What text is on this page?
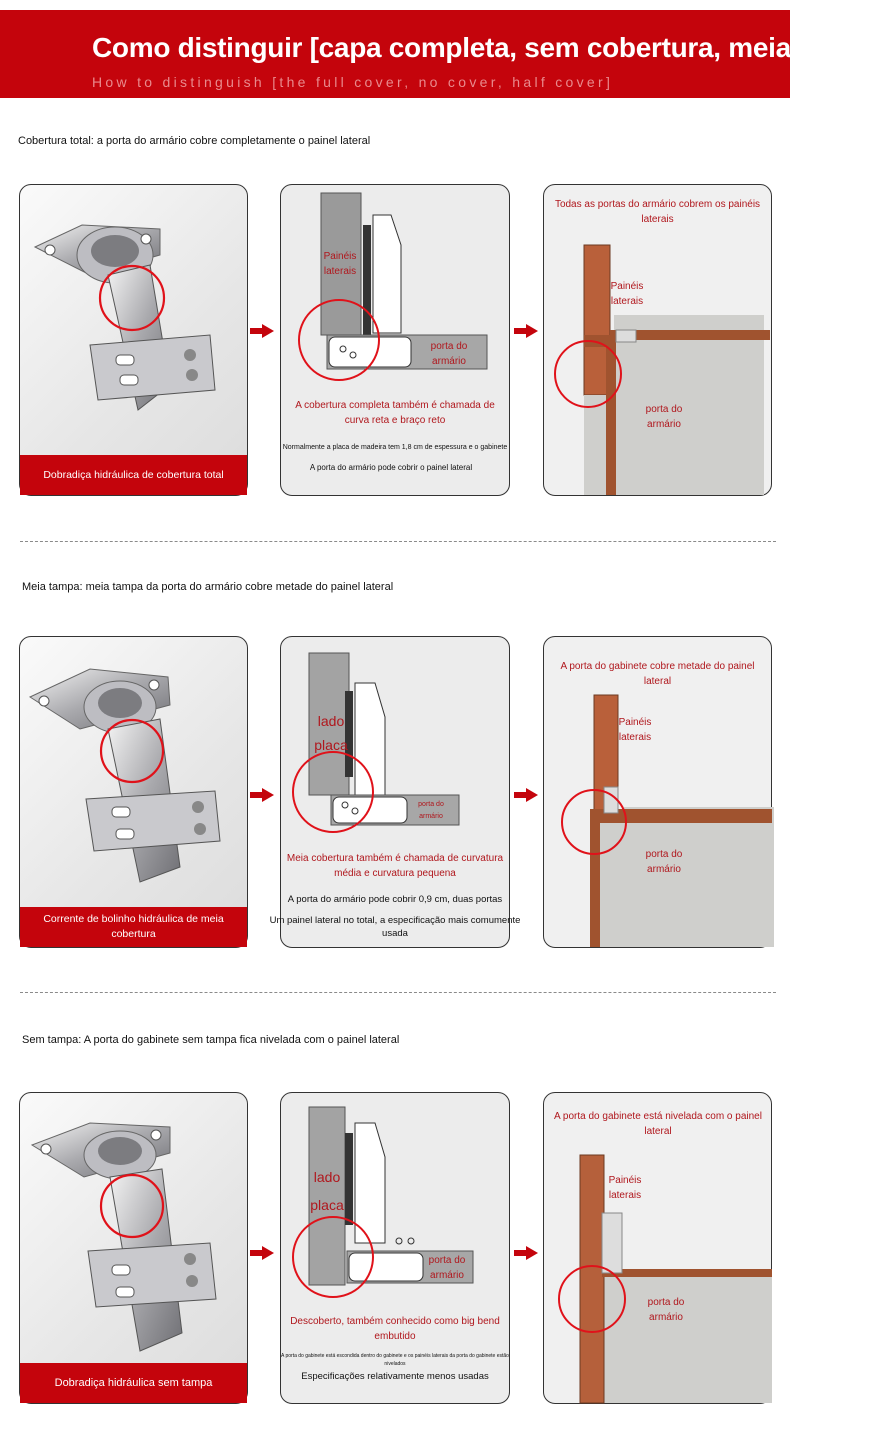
Como distinguir [capa completa, sem cobertura, meia capa)
How to distinguish [the full cover, no cover, half cover]
Cobertura total: a porta do armário cobre completamente o painel lateral
Dobradiça hidráulica de cobertura total
Painéis laterais
porta do armário
A cobertura completa também é chamada de curva reta e braço reto
Normalmente a placa de madeira tem 1,8 cm de espessura e o gabinete
A porta do armário pode cobrir o painel lateral
Todas as portas do armário cobrem os painéis laterais
Painéis laterais
porta do armário
Meia tampa: meia tampa da porta do armário cobre metade do painel lateral
Corrente de bolinho hidráulica de meia cobertura
lado
placa
porta do armário
Meia cobertura também é chamada de curvatura média e curvatura pequena
A porta do armário pode cobrir 0,9 cm, duas portas
Um painel lateral no total, a especificação mais comumente usada
A porta do gabinete cobre metade do painel lateral
Painéis laterais
porta do armário
Sem tampa: A porta do gabinete sem tampa fica nivelada com o painel lateral
Dobradiça hidráulica sem tampa
lado
placa
porta do armário
Descoberto, também conhecido como big bend embutido
A porta do gabinete está escondida dentro do gabinete e os painéis laterais da porta do gabinete estão nivelados
Especificações relativamente menos usadas
A porta do gabinete está nivelada com o painel lateral
Painéis laterais
porta do armário
